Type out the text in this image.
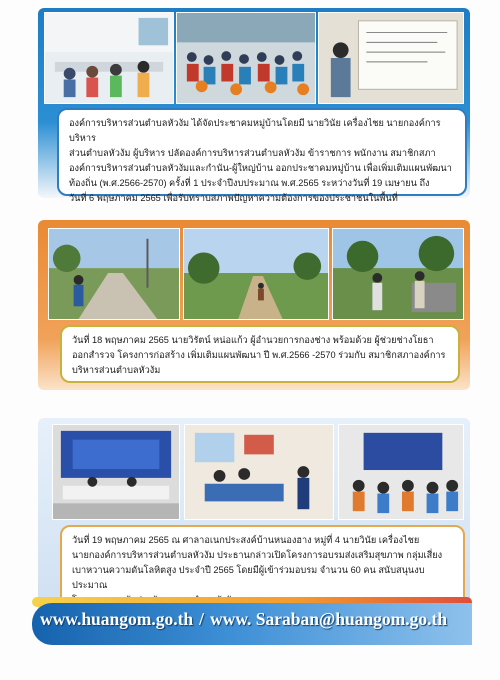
องค์การบริหารส่วนตำบลหัวงัม ได้จัดประชาคมหมู่บ้านโดยมี นายวินัย เครื่องไชย นายกองค์การบริหาร
ส่วนตำบลหัวงัม ผู้บริหาร ปลัดองค์การบริหารส่วนตำบลหัวงัม ข้าราชการ พนักงาน สมาชิกสภา
องค์การบริหารส่วนตำบลหัวงัมและกำนัน-ผู้ใหญ่บ้าน ออกประชาคมหมู่บ้าน เพื่อเพิ่มเติมแผนพัฒนา
ท้องถิ่น (พ.ศ.2566-2570) ครั้งที่ 1 ประจำปีงบประมาณ พ.ศ.2565 ระหว่างวันที่ 19 เมษายน ถึง
วันที่ 6 พฤษภาคม 2565 เพื่อรับทราบสภาพปัญหาความต้องการของประชาชนในพื้นที่
วันที่ 18 พฤษภาคม 2565 นายวิรัตน์ หน่อแก้ว ผู้อำนวยการกองช่าง พร้อมด้วย ผู้ช่วยช่างโยธา
ออกสำรวจ โครงการก่อสร้าง เพิ่มเติมแผนพัฒนา ปี พ.ศ.2566 -2570 ร่วมกับ สมาชิกสภาองค์การ
บริหารส่วนตำบลหัวงัม
วันที่ 19 พฤษภาคม 2565 ณ ศาลาอเนกประสงค์บ้านหนองฮาง หมู่ที่ 4 นายวินัย เครื่องไชย
นายกองค์การบริหารส่วนตำบลหัวงัม ประธานกล่าวเปิดโครงการอบรมส่งเสริมสุขภาพ กลุ่มเสี่ยง
เบาหวานความดันโลหิตสูง ประจำปี 2565 โดยมีผู้เข้าร่วมอบรม จำนวน 60 คน สนับสนุนงบประมาณ
www.huangom.go.th / www. Saraban@huangom.go.th
